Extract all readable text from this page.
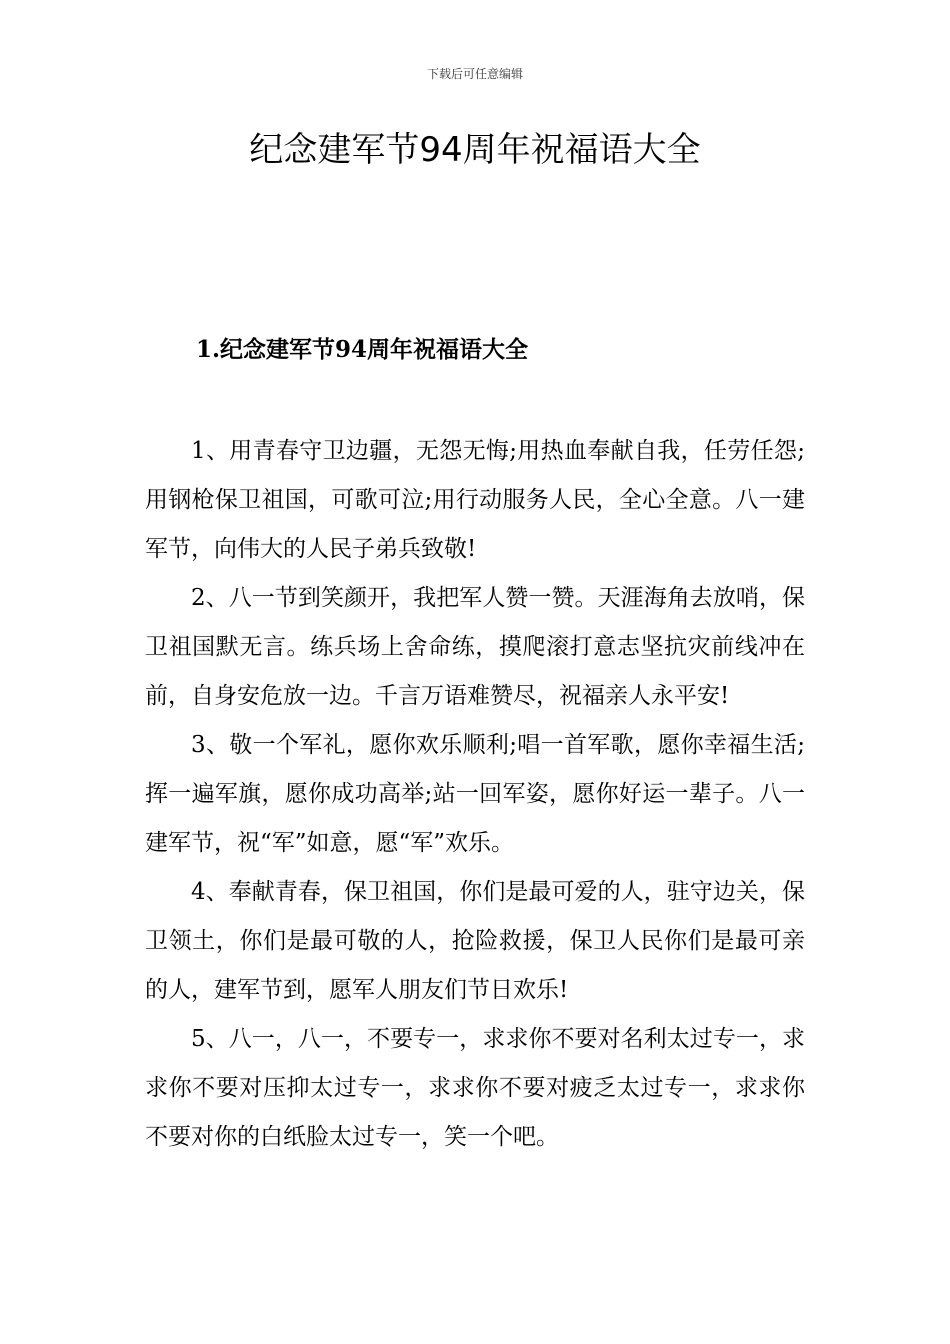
下载后可任意编辑
纪念建军节94周年祝福语大全
1.纪念建军节94周年祝福语大全

1、用青春守卫边疆，无怨无悔;用热血奉献自我，任劳任怨;用钢枪保卫祖国，可歌可泣;用行动服务人民，全心全意。八一建军节，向伟大的人民子弟兵致敬!

2、八一节到笑颜开，我把军人赞一赞。天涯海角去放哨，保卫祖国默无言。练兵场上舍命练，摸爬滚打意志坚抗灾前线冲在前，自身安危放一边。千言万语难赞尽，祝福亲人永平安!

3、敬一个军礼，愿你欢乐顺利;唱一首军歌，愿你幸福生活;挥一遍军旗，愿你成功高举;站一回军姿，愿你好运一辈子。八一建军节，祝“军”如意，愿“军”欢乐。

4、奉献青春，保卫祖国，你们是最可爱的人，驻守边关，保卫领土，你们是最可敬的人，抢险救援，保卫人民你们是最可亲的人，建军节到，愿军人朋友们节日欢乐!

5、八一，八一，不要专一，求求你不要对名利太过专一，求求你不要对压抑太过专一，求求你不要对疲乏太过专一，求求你不要对你的白纸脸太过专一，笑一个吧。
